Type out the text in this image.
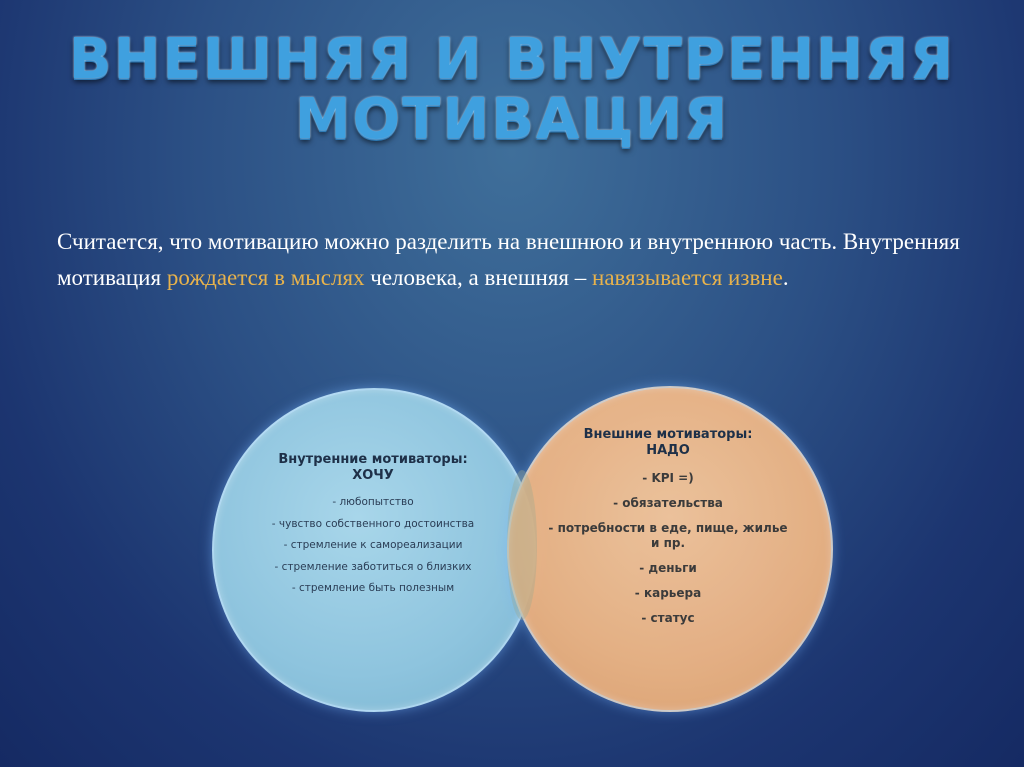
ВНЕШНЯЯ И ВНУТРЕННЯЯ
МОТИВАЦИЯ
Считается, что мотивацию можно разделить на внешнюю и внутреннюю часть. Внутренняя мотивация рождается в мыслях человека, а внешняя – навязывается извне.
Внутренние мотиваторы:
ХОЧУ
- любопытство
- чувство собственного достоинства
- стремление к самореализации
- стремление заботиться о близких
- стремление быть полезным
Внешние мотиваторы:
НАДО
- KPI =)
- обязательства
- потребности в еде, пище, жилье и пр.
- деньги
- карьера
- статус
